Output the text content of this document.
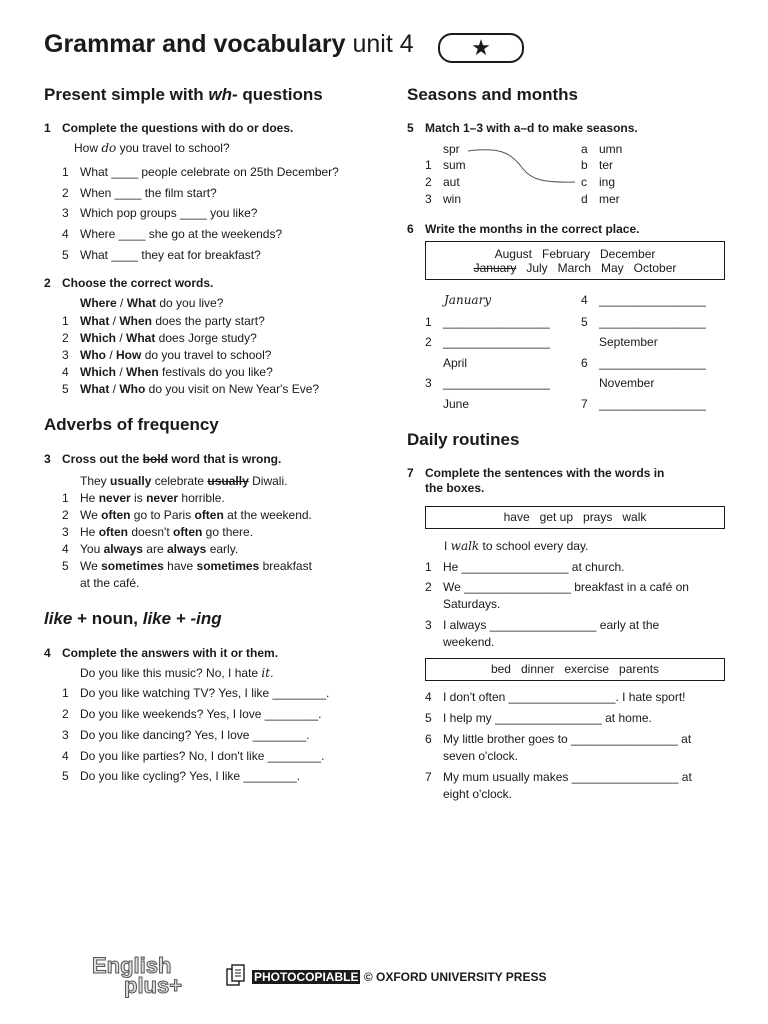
Grammar and vocabulary unit 4	★
Present simple with wh- questions
1 Complete the questions with do or does.
How do you travel to school?
1 What ____ people celebrate on 25th December?
2 When ____ the film start?
3 Which pop groups ____ you like?
4 Where ____ she go at the weekends?
5 What ____ they eat for breakfast?
2 Choose the correct words.
Where / What do you live?
1 What / When does the party start?
2 Which / What does Jorge study?
3 Who / How do you travel to school?
4 Which / When festivals do you like?
5 What / Who do you visit on New Year's Eve?
Adverbs of frequency
3 Cross out the bold word that is wrong.
They usually celebrate usually Diwali.
1 He never is never horrible.
2 We often go to Paris often at the weekend.
3 He often doesn't often go there.
4 You always are always early.
5 We sometimes have sometimes breakfast
at the café.
like + noun, like + -ing
4 Complete the answers with it or them.
Do you like this music? No, I hate it.
1 Do you like watching TV? Yes, I like ________.
2 Do you like weekends? Yes, I love ________.
3 Do you like dancing? Yes, I love ________.
4 Do you like parties? No, I don't like ________.
5 Do you like cycling? Yes, I like ________.
Seasons and months
5 Match 1–3 with a–d to make seasons.
spr
1 sum
2 aut
3 win
a umn
b ter
c ing
d mer
6 Write the months in the correct place.
August   February   December
January   July   March   May   October
January
1 ________________
2 ________________
April
3 ________________
June
4 ________________
5 ________________
September
6 ________________
November
7 ________________
Daily routines
7 Complete the sentences with the words in
the boxes.
have   get up   prays   walk
I walk to school every day.
1 He ________________ at church.
2 We ________________ breakfast in a café on
Saturdays.
3 I always ________________ early at the
weekend.
bed   dinner   exercise   parents
4 I don't often ________________. I hate sport!
5 I help my ________________ at home.
6 My little brother goes to ________________ at
seven o'clock.
7 My mum usually makes ________________ at
eight o'clock.
English
plus+	PHOTOCOPIABLE © OXFORD UNIVERSITY PRESS
